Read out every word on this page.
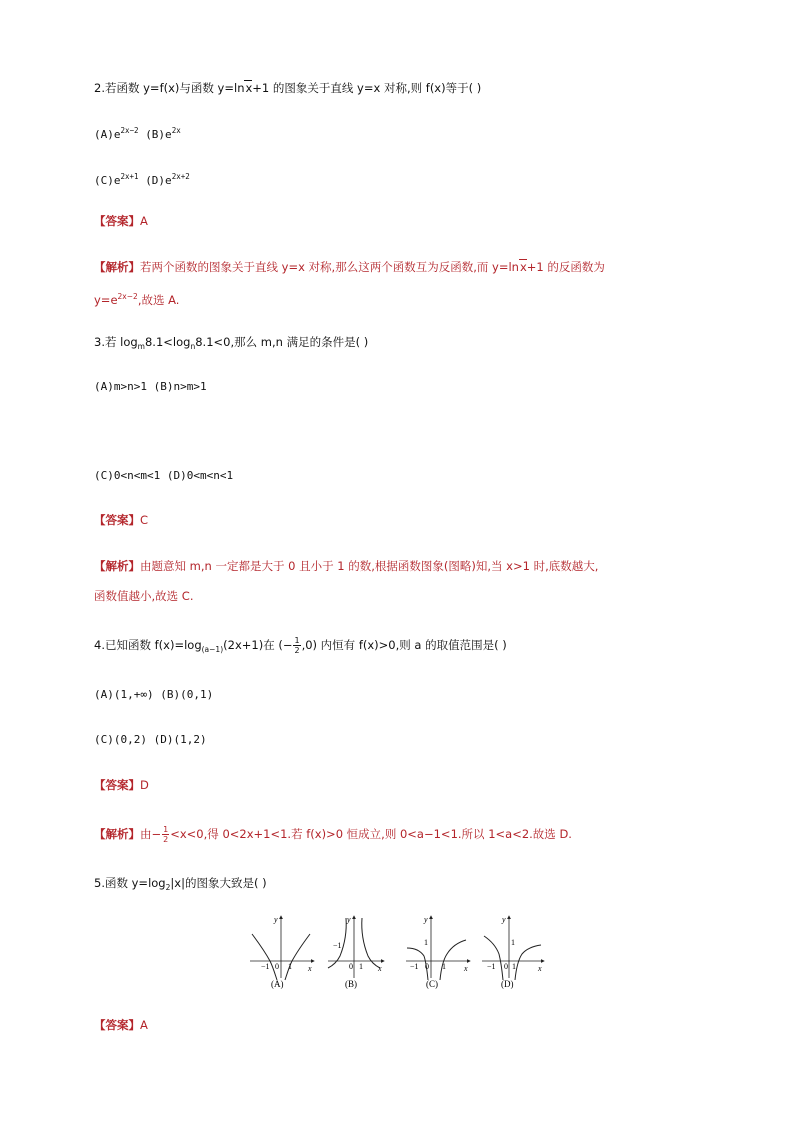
2.若函数 y=f(x)与函数 y=lnx+1 的图象关于直线 y=x 对称,则 f(x)等于( )
$(A)e^{2x-2}$ $(B)e^{2x}$
$(C)e^{2x+1}$ $(D)e^{2x+2}$
【答案】A
【解析】若两个函数的图象关于直线 y=x 对称,那么这两个函数互为反函数,而 y=lnx+1 的反函数为
$y=e^{2x-2}$,故选 A.
3.若 $\log_m8.1<\log_n8.1<0$,那么 m,n 满足的条件是( )
(A)m>n>1 (B)n>m>1
(C)0<n<m<1 (D)0<m<n<1
【答案】C
【解析】由题意知 m,n 一定都是大于 0 且小于 1 的数,根据函数图象(图略)知,当 x>1 时,底数越大,
函数值越小,故选 C.
4.已知函数 $f(x)=\log_{(a-1)}(2x+1)$在 (− $\frac{1}{2} ,0$) 内恒有 f(x)>0,则 a 的取值范围是( )
(A)(1,+∞) (B)(0,1)
(C)(0,2) (D)(1,2)
【答案】D
【解析】由− $\frac{1}{2} <x<0$,得 0<2x+1<1.若 f(x)>0 恒成立,则 0<a−1<1.所以 1<a<2.故选 D.
5.函数 $y=\log_2|x|$的图象大致是( )
y
x
−1 0 1
(A)
y
x
−1
0 1
(B)
y
x
1
−1 0 1
(C)
y
x
1
−1 0 1
(D)
【答案】A
